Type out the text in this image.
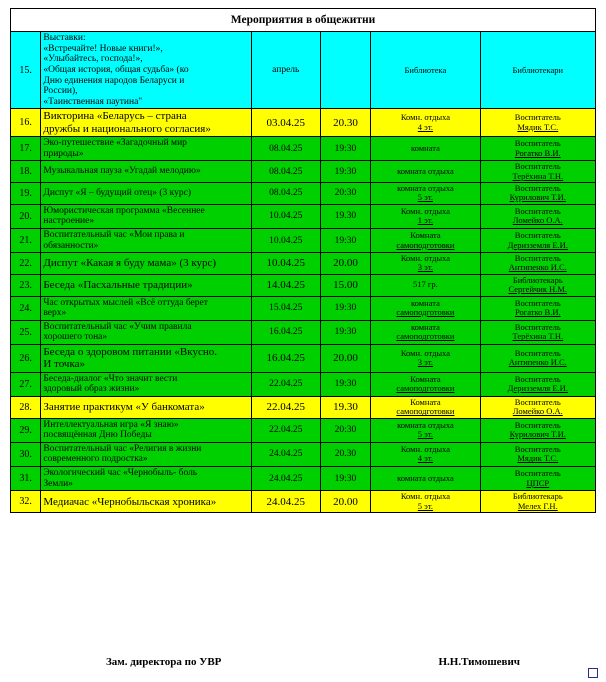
Мероприятия в общежитни					
15.	
Выставки:
«Встречайте! Новые книги!»,
«Улыбайтесь, господа!»,
«Общая история, общая судьба» (ко
Дню единения народов Беларуси и
России),
«Таинственная паутина"
	апрель		Библиотека	Библиотекари

16.	Викторина «Беларусь – страна
дружбы и национального согласия»	03.04.25	20.30	Комн. отдыха
4 эт.	Воспитатель
Мядик Т.С.

17.	Эко-путешествие «Загадочный мир
природы»	08.04.25	19:30	комната	Воспитатель
Рогатко В.И.

18.	Музыкальная пауза «Угадай мелодию»	08.04.25	19:30	комната отдыха	Воспитатель
Терёхина Т.Н.

19.	Диспут «Я – будущий отец» (3 курс)	08.04.25	20:30	комната отдыха
5 эт.	Воспитатель
Курилович Т.И.

20.	Юмористическая программа «Весеннее
настроение»	10.04.25	19.30	Комн. отдыха
1 эт.	Воспитатель
Ломейко О.А.

21.	Воспитательный час «Мои права и
обязанности»	10.04.25	19:30	Комната
самоподготовки	Воспитатель
Деризземля Е.И.

22.	Диспут «Какая я буду мама» (3 курс)	10.04.25	20.00	Комн. отдыха
3 эт.	Воспитатель
Антипенко И.С.

23.	Беседа «Пасхальные традиции»	14.04.25	15.00	517 гр.	Библиотекарь
Сергейчик Н.М.

24.	Час открытых мыслей «Всё оттуда берет
верх»	15.04.25	19:30	комната
самоподготовки	Воспитатель
Рогатко В.И.

25.	Воспитательный час «Учим правила
хорошего тона»	16.04.25	19:30	комната
самоподготовки	Воспитатель
Терёхина Т.Н.

26.	Беседа о здоровом питании «Вкусно.
И точка»	16.04.25	20.00	Комн. отдыха
3 эт.	Воспитатель
Антипенко И.С.

27.	Беседа-диалог «Что значит вести
здоровый образ жизни»	22.04.25	19:30	Комната
самоподготовки	Воспитатель
Деризземля Е.И.

28.	Занятие практикум «У банкомата»	22.04.25	19.30	Комната
самоподготовки	Воспитатель
Ломейко О.А.

29.	Интеллектуальная игра «Я знаю»
посвящённая Дню Победы	22.04.25	20:30	комната отдыха
5 эт.	Воспитатель
Курилович Т.И.

30.	Воспитательный час «Религия в жизни
современного подростка»	24.04.25	20.30	Комн. отдыха
4 эт.	Воспитатель
Мядик Т.С.

31.	Экологический час «Чернобыль- боль
Земли»	24.04.25	19:30	комната отдыха	Воспитатель
ЦПСР

32.	Медиачас «Чернобыльская хроника»	24.04.25	20.00	Комн. отдыха
5 эт.	Библиотекарь
Мелех Г.Н.
Зам. директора по УВР	Н.Н.Тимошевич
